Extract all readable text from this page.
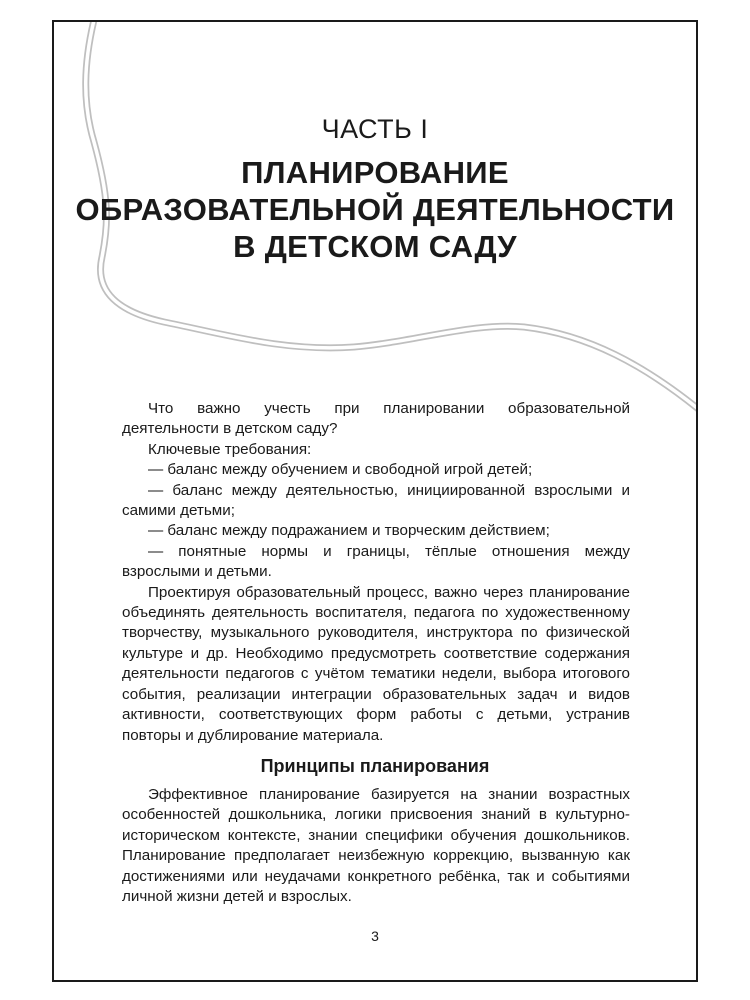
ЧАСТЬ I
ПЛАНИРОВАНИЕ
ОБРАЗОВАТЕЛЬНОЙ ДЕЯТЕЛЬНОСТИ
В ДЕТСКОМ САДУ

Что важно учесть при планировании образовательной деятельности в детском саду?

Ключевые требования:

— баланс между обучением и свободной игрой детей;

— баланс между деятельностью, инициированной взрослыми и самими детьми;

— баланс между подражанием и творческим действием;

— понятные нормы и границы, тёплые отношения между взрослыми и детьми.

Проектируя образовательный процесс, важно через планирование объединять деятельность воспитателя, педагога по художественному творчеству, музыкального руководителя, инструктора по физической культуре и др. Необходимо предусмотреть соответствие содержания деятельности педагогов с учётом тематики недели, выбора итогового события, реализации интеграции образовательных задач и видов активности, соответствующих форм работы с детьми, устранив повторы и дублирование материала.

Принципы планирования

Эффективное планирование базируется на знании возрастных особенностей дошкольника, логики присвоения знаний в культурно-историческом контексте, знании специфики обучения дошкольников. Планирование предполагает неизбежную коррекцию, вызванную как достижениями или неудачами конкретного ребёнка, так и событиями личной жизни детей и взрослых.

3
